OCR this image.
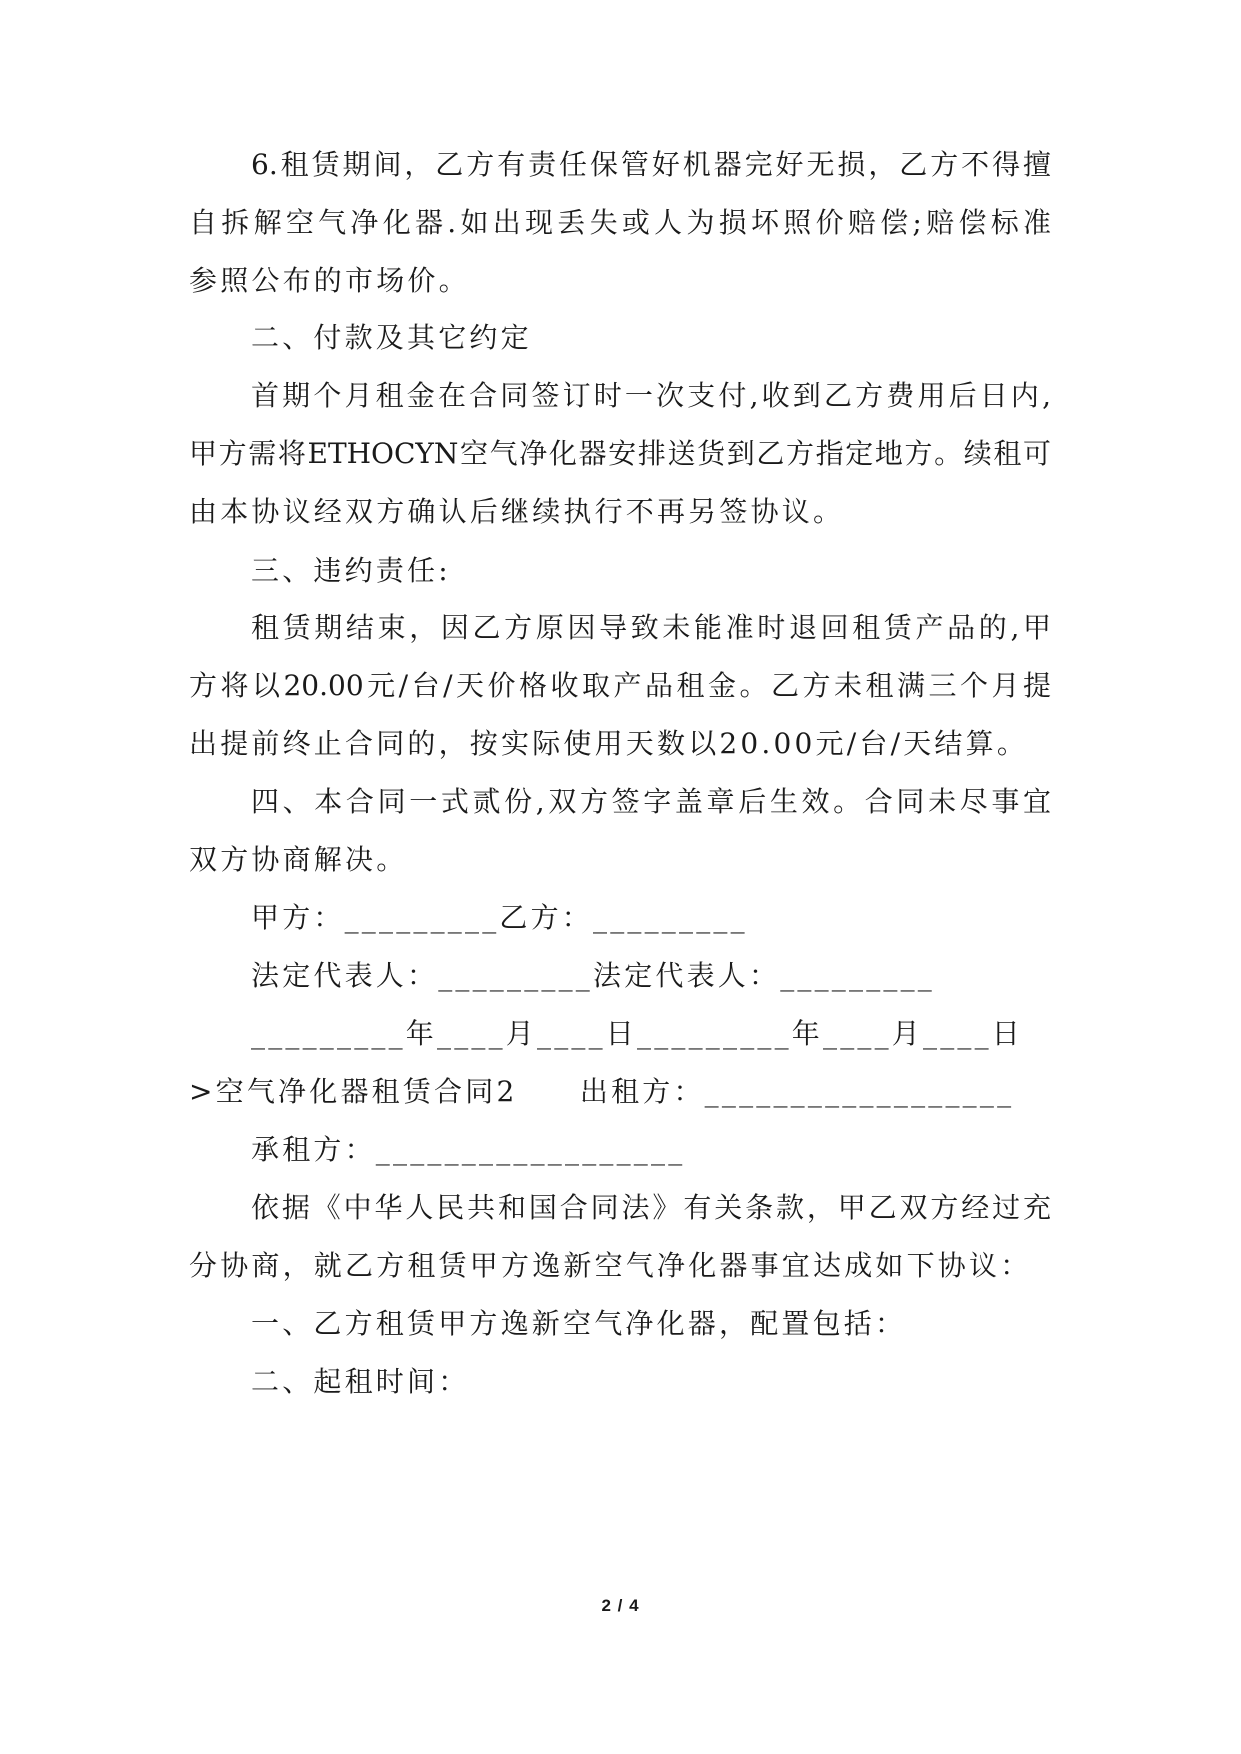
6.租赁期间，乙方有责任保管好机器完好无损，乙方不得擅
自拆解空气净化器.如出现丢失或人为损坏照价赔偿;赔偿标准
参照公布的市场价。
二、付款及其它约定
首期个月租金在合同签订时一次支付,收到乙方费用后日内,
甲方需将ETHOCYN空气净化器安排送货到乙方指定地方。续租可
由本协议经双方确认后继续执行不再另签协议。
三、违约责任:
租赁期结束，因乙方原因导致未能准时退回租赁产品的,甲
方将以20.00元/台/天价格收取产品租金。乙方未租满三个月提
出提前终止合同的，按实际使用天数以20.00元/台/天结算。
四、本合同一式贰份,双方签字盖章后生效。合同未尽事宜
双方协商解决。
甲方：_________乙方：_________
法定代表人：_________法定代表人：_________
_________年____月____日_________年____月____日
>空气净化器租赁合同2　　出租方：__________________
承租方：__________________
依据《中华人民共和国合同法》有关条款，甲乙双方经过充
分协商，就乙方租赁甲方逸新空气净化器事宜达成如下协议：
一、乙方租赁甲方逸新空气净化器，配置包括：
二、起租时间：
2 / 4
